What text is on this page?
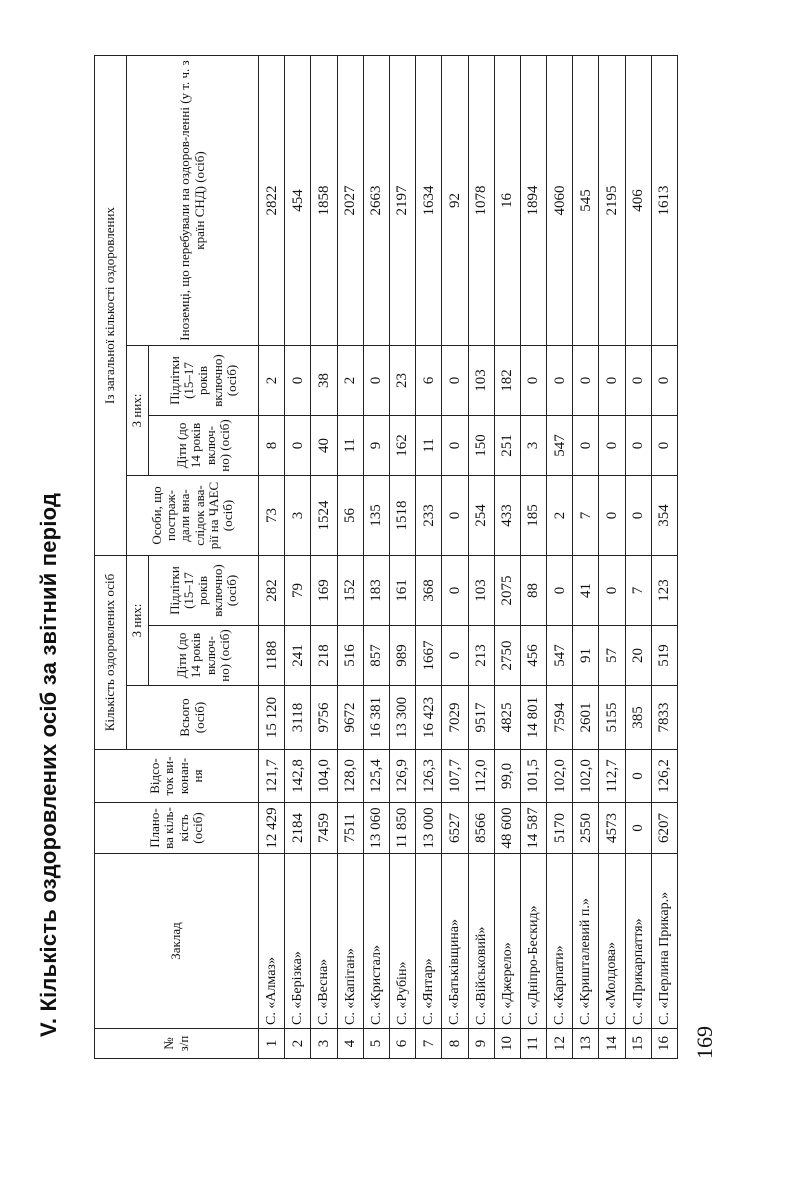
V. Кількість оздоровлених осіб за звітний період
№ з/п	Заклад	Плано-ва кіль-кість (осіб)	Відсо-ток ви-конан-ня	Кількість оздоровлених осіб			Із загальної кількості оздоровлених			
				Всього (осіб)	З них:		Особи, що постраж-дали вна-слідок ава-рії на ЧАЕС (осіб)	З них:		Іноземці, що перебували на оздоров-ленні (у т. ч. з країн СНД) (осіб)
					Діти (до 14 років включ-но) (осіб)	Підлітки (15–17 років включно) (осіб)		Діти (до 14 років включ-но) (осіб)	Підлітки (15–17 років включно) (осіб)	
1	С. «Алмаз»	12 429	121,7	15 120	1188	282	73	8	2	2822
2	С. «Берізка»	2184	142,8	3118	241	79	3	0	0	454
3	С. «Весна»	7459	104,0	9756	218	169	1524	40	38	1858
4	С. «Капітан»	7511	128,0	9672	516	152	56	11	2	2027
5	С. «Кристал»	13 060	125,4	16 381	857	183	135	9	0	2663
6	С. «Рубін»	11 850	126,9	13 300	989	161	1518	162	23	2197
7	С. «Янтар»	13 000	126,3	16 423	1667	368	233	11	6	1634
8	С. «Батьківщина»	6527	107,7	7029	0	0	0	0	0	92
9	С. «Військовий»	8566	112,0	9517	213	103	254	150	103	1078
10	С. «Джерело»	48 600	99,0	4825	2750	2075	433	251	182	16
11	С. «Дніпро-Бескид»	14 587	101,5	14 801	456	88	185	3	0	1894
12	С. «Карпати»	5170	102,0	7594	547	0	2	547	0	4060
13	С. «Кришталевий п.»	2550	102,0	2601	91	41	7	0	0	545
14	С. «Молдова»	4573	112,7	5155	57	0	0	0	0	2195
15	С. «Прикарпаття»	0	0	385	20	7	0	0	0	406
16	С. «Перлина Прикар.»	6207	126,2	7833	519	123	354	0	0	1613
169
